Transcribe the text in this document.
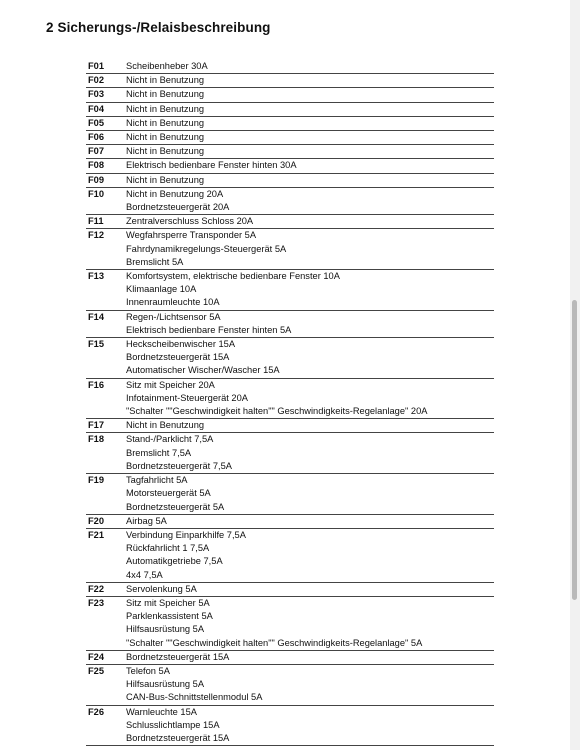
2 Sicherungs-/Relaisbeschreibung
F01	Scheibenheber 30A

F02	Nicht in Benutzung

F03	Nicht in Benutzung

F04	Nicht in Benutzung

F05	Nicht in Benutzung

F06	Nicht in Benutzung

F07	Nicht in Benutzung

F08	Elektrisch bedienbare Fenster hinten 30A

F09	Nicht in Benutzung

F10	Nicht in Benutzung 20A
Bordnetzsteuergerät 20A

F11	Zentralverschluss Schloss 20A

F12	Wegfahrsperre Transponder 5A
Fahrdynamikregelungs-Steuergerät 5A
Bremslicht 5A

F13	Komfortsystem, elektrische bedienbare Fenster 10A
Klimaanlage 10A
Innenraumleuchte 10A

F14	Regen-/Lichtsensor 5A
Elektrisch bedienbare Fenster hinten 5A

F15	Heckscheibenwischer 15A
Bordnetzsteuergerät 15A
Automatischer Wischer/Wascher 15A

F16	Sitz mit Speicher 20A
Infotainment-Steuergerät 20A
"Schalter ""Geschwindigkeit halten"" Geschwindigkeits-Regelanlage" 20A

F17	Nicht in Benutzung

F18	Stand-/Parklicht 7,5A
Bremslicht 7,5A
Bordnetzsteuergerät 7,5A

F19	Tagfahrlicht 5A
Motorsteuergerät 5A
Bordnetzsteuergerät 5A

F20	Airbag 5A

F21	Verbindung Einparkhilfe 7,5A
Rückfahrlicht 1 7,5A
Automatikgetriebe 7,5A
4x4 7,5A

F22	Servolenkung 5A

F23	Sitz mit Speicher 5A
Parklenkassistent 5A
Hilfsausrüstung 5A
"Schalter ""Geschwindigkeit halten"" Geschwindigkeits-Regelanlage" 5A

F24	Bordnetzsteuergerät 15A

F25	Telefon 5A
Hilfsausrüstung 5A
CAN-Bus-Schnittstellenmodul 5A

F26	Warnleuchte 15A
Schlusslichtlampe 15A
Bordnetzsteuergerät 15A
